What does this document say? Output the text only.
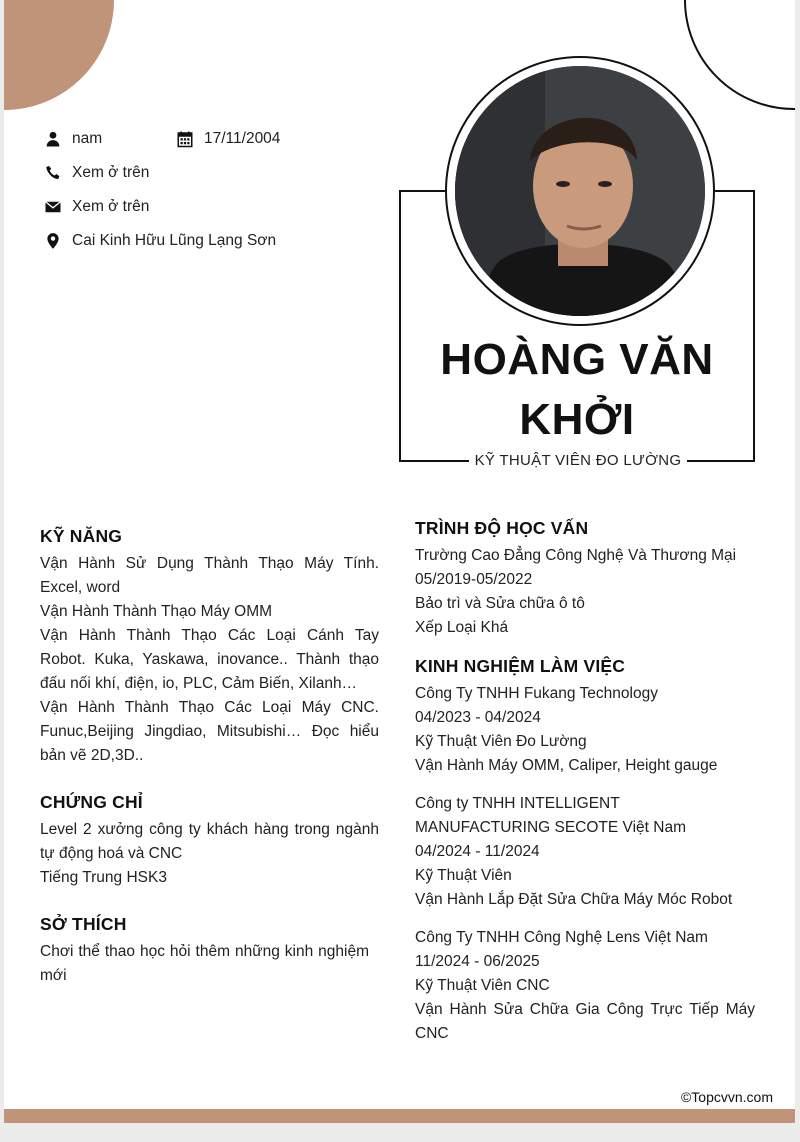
nam	17/11/2004
Xem ở trên
Xem ở trên
Cai Kinh Hữu Lũng Lạng Sơn
HOÀNG VĂN
KHỞI
KỸ THUẬT VIÊN ĐO LƯỜNG
KỸ NĂNG

Vận Hành Sử Dụng Thành Thạo Máy Tính. Excel, word

Vận Hành Thành Thạo Máy OMM

Vận Hành Thành Thạo Các Loại Cánh Tay Robot. Kuka, Yaskawa, inovance.. Thành thạo đấu nối khí, điện, io, PLC, Cảm Biến, Xilanh…

Vận Hành Thành Thạo Các Loại Máy CNC. Funuc,Beijing Jingdiao, Mitsubishi… Đọc hiểu bản vẽ 2D,3D..

CHỨNG CHỈ

Level 2 xưởng công ty khách hàng trong ngành tự động hoá và CNC

Tiếng Trung HSK3

SỞ THÍCH

Chơi thể thao học hỏi thêm những kinh nghiệm mới

TRÌNH ĐỘ HỌC VẤN

Trường Cao Đẳng Công Nghệ Và Thương Mại

05/2019-05/2022

Bảo trì và Sửa chữa ô tô

Xếp Loại Khá

KINH NGHIỆM LÀM VIỆC

Công Ty TNHH Fukang Technology

04/2023 - 04/2024

Kỹ Thuật Viên Đo Lường

Vận Hành Máy OMM, Caliper, Height gauge

Công ty TNHH INTELLIGENT MANUFACTURING SECOTE Việt Nam

04/2024 - 11/2024

Kỹ Thuật Viên

Vận Hành Lắp Đặt Sửa Chữa Máy Móc Robot

Công Ty TNHH Công Nghệ Lens Việt Nam

11/2024 - 06/2025

Kỹ Thuật Viên CNC

Vận Hành Sửa Chữa Gia Công Trực Tiếp Máy CNC

©Topcvvn.com
